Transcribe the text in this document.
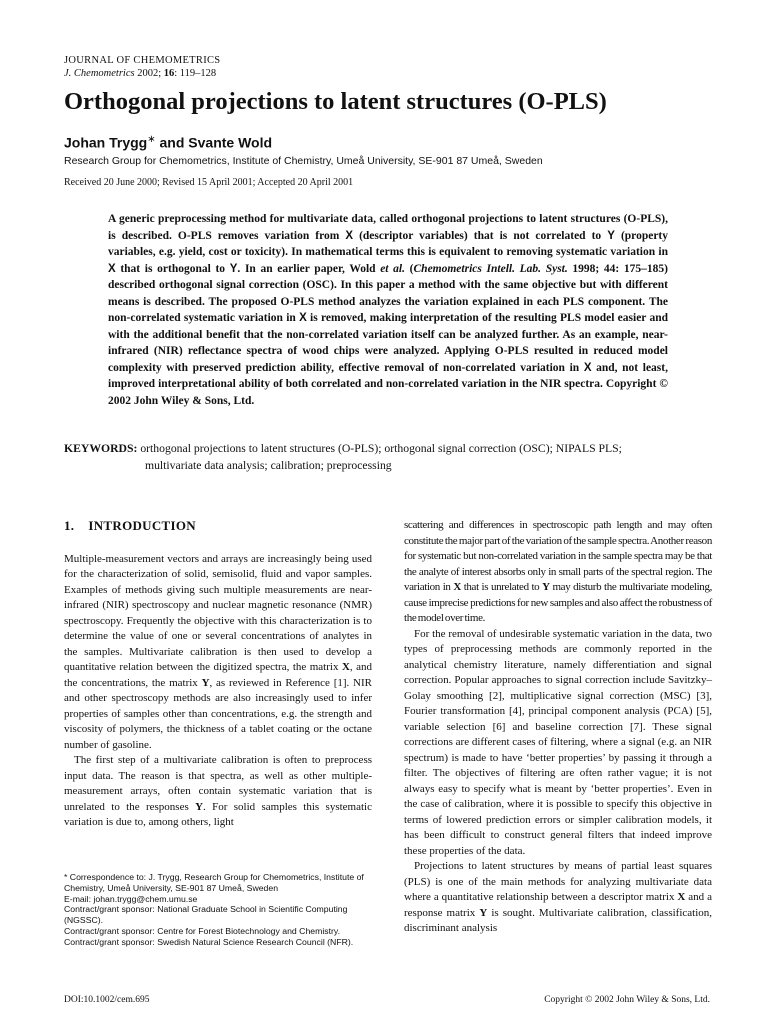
JOURNAL OF CHEMOMETRICS
J. Chemometrics 2002; 16: 119–128
Orthogonal projections to latent structures (O-PLS)
Johan Trygg∗ and Svante Wold
Research Group for Chemometrics, Institute of Chemistry, Umeå University, SE-901 87 Umeå, Sweden
Received 20 June 2000; Revised 15 April 2001; Accepted 20 April 2001

A generic preprocessing method for multivariate data, called orthogonal projections to latent structures (O-PLS), is described. O-PLS removes variation from X (descriptor variables) that is not correlated to Y (property variables, e.g. yield, cost or toxicity). In mathematical terms this is equivalent to removing systematic variation in X that is orthogonal to Y. In an earlier paper, Wold et al. (Chemometrics Intell. Lab. Syst. 1998; 44: 175–185) described orthogonal signal correction (OSC). In this paper a method with the same objective but with different means is described. The proposed O-PLS method analyzes the variation explained in each PLS component. The non-correlated systematic variation in X is removed, making interpretation of the resulting PLS model easier and with the additional benefit that the non-correlated variation itself can be analyzed further. As an example, near-infrared (NIR) reflectance spectra of wood chips were analyzed. Applying O-PLS resulted in reduced model complexity with preserved prediction ability, effective removal of non-correlated variation in X and, not least, improved interpretational ability of both correlated and non-correlated variation in the NIR spectra. Copyright © 2002 John Wiley & Sons, Ltd.

KEYWORDS: orthogonal projections to latent structures (O-PLS); orthogonal signal correction (OSC); NIPALS PLS;
multivariate data analysis; calibration; preprocessing
1. INTRODUCTION

Multiple-measurement vectors and arrays are increasingly being used for the characterization of solid, semisolid, fluid and vapor samples. Examples of methods giving such multiple measurements are near-infrared (NIR) spectroscopy and nuclear magnetic resonance (NMR) spectroscopy. Frequently the objective with this characterization is to determine the value of one or several concentrations of analytes in the samples. Multivariate calibration is then used to develop a quantitative relation between the digitized spectra, the matrix X, and the concentrations, the matrix Y, as reviewed in Reference [1]. NIR and other spectroscopy methods are also increasingly used to infer properties of samples other than concentrations, e.g. the strength and viscosity of polymers, the thickness of a tablet coating or the octane number of gasoline.

The first step of a multivariate calibration is often to preprocess input data. The reason is that spectra, as well as other multiple-measurement arrays, often contain systematic variation that is unrelated to the responses Y. For solid samples this systematic variation is due to, among others, light

scattering and differences in spectroscopic path length and may often constitute the major part of the variation of the sample spectra. Another reason for systematic but non-correlated variation in the sample spectra may be that the analyte of interest absorbs only in small parts of the spectral region. The variation in X that is unrelated to Y may disturb the multivariate modeling, cause imprecise predictions for new samples and also affect the robustness of the model over time.

For the removal of undesirable systematic variation in the data, two types of preprocessing methods are commonly reported in the analytical chemistry literature, namely differentiation and signal correction. Popular approaches to signal correction include Savitzky–Golay smoothing [2], multiplicative signal correction (MSC) [3], Fourier transformation [4], principal component analysis (PCA) [5], variable selection [6] and baseline correction [7]. These signal corrections are different cases of filtering, where a signal (e.g. an NIR spectrum) is made to have ‘better properties’ by passing it through a filter. The objectives of filtering are often rather vague; it is not always easy to specify what is meant by ‘better properties’. Even in the case of calibration, where it is possible to specify this objective in terms of lowered prediction errors or simpler calibration models, it has been difficult to construct general filters that indeed improve these properties of the data.

Projections to latent structures by means of partial least squares (PLS) is one of the main methods for analyzing multivariate data where a quantitative relationship between a descriptor matrix X and a response matrix Y is sought. Multivariate calibration, classification, discriminant analysis

* Correspondence to: J. Trygg, Research Group for Chemometrics, Institute of Chemistry, Umeå University, SE-901 87 Umeå, Sweden

E-mail: johan.trygg@chem.umu.se

Contract/grant sponsor: National Graduate School in Scientific Computing (NGSSC).

Contract/grant sponsor: Centre for Forest Biotechnology and Chemistry.

Contract/grant sponsor: Swedish Natural Science Research Council (NFR).

DOI:10.1002/cem.695	Copyright © 2002 John Wiley & Sons, Ltd.
